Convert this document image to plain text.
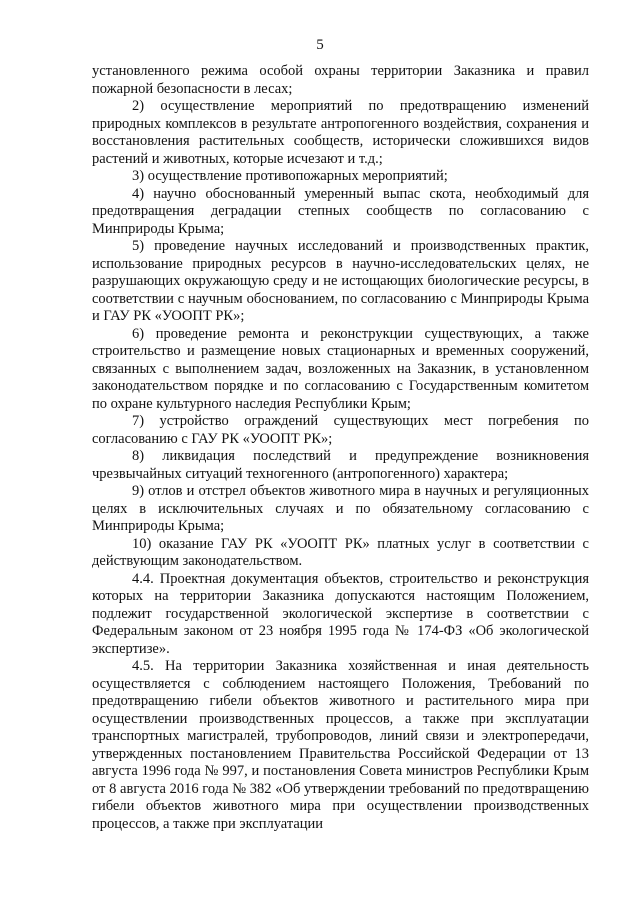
5

установленного режима особой охраны территории Заказника и правил пожарной безопасности в лесах;

2) осуществление мероприятий по предотвращению изменений природных комплексов в результате антропогенного воздействия, сохранения и восстановления растительных сообществ, исторически сложившихся видов растений и животных, которые исчезают и т.д.;

3) осуществление противопожарных мероприятий;

4) научно обоснованный умеренный выпас скота, необходимый для предотвращения деградации степных сообществ по согласованию с Минприроды Крыма;

5) проведение научных исследований и производственных практик, использование природных ресурсов в научно-исследовательских целях, не разрушающих окружающую среду и не истощающих биологические ресурсы, в соответствии с научным обоснованием, по согласованию с Минприроды Крыма и ГАУ РК «УООПТ РК»;

6) проведение ремонта и реконструкции существующих, а также строительство и размещение новых стационарных и временных сооружений, связанных с выполнением задач, возложенных на Заказник, в установленном законодательством порядке и по согласованию с Государственным комитетом по охране культурного наследия Республики Крым;

7) устройство ограждений существующих мест погребения по согласованию с ГАУ РК «УООПТ РК»;

8) ликвидация последствий и предупреждение возникновения чрезвычайных ситуаций техногенного (антропогенного) характера;

9) отлов и отстрел объектов животного мира в научных и регуляционных целях в исключительных случаях и по обязательному согласованию с Минприроды Крыма;

10) оказание ГАУ РК «УООПТ РК» платных услуг в соответствии с действующим законодательством.

4.4. Проектная документация объектов, строительство и реконструкция которых на территории Заказника допускаются настоящим Положением, подлежит государственной экологической экспертизе в соответствии с Федеральным законом от 23 ноября 1995 года № 174-ФЗ «Об экологической экспертизе».

4.5. На территории Заказника хозяйственная и иная деятельность осуществляется с соблюдением настоящего Положения, Требований по предотвращению гибели объектов животного и растительного мира при осуществлении производственных процессов, а также при эксплуатации транспортных магистралей, трубопроводов, линий связи и электропередачи, утвержденных постановлением Правительства Российской Федерации от 13 августа 1996 года № 997, и постановления Совета министров Республики Крым от 8 августа 2016 года № 382 «Об утверждении требований по предотвращению гибели объектов животного мира при осуществлении производственных процессов, а также при эксплуатации
